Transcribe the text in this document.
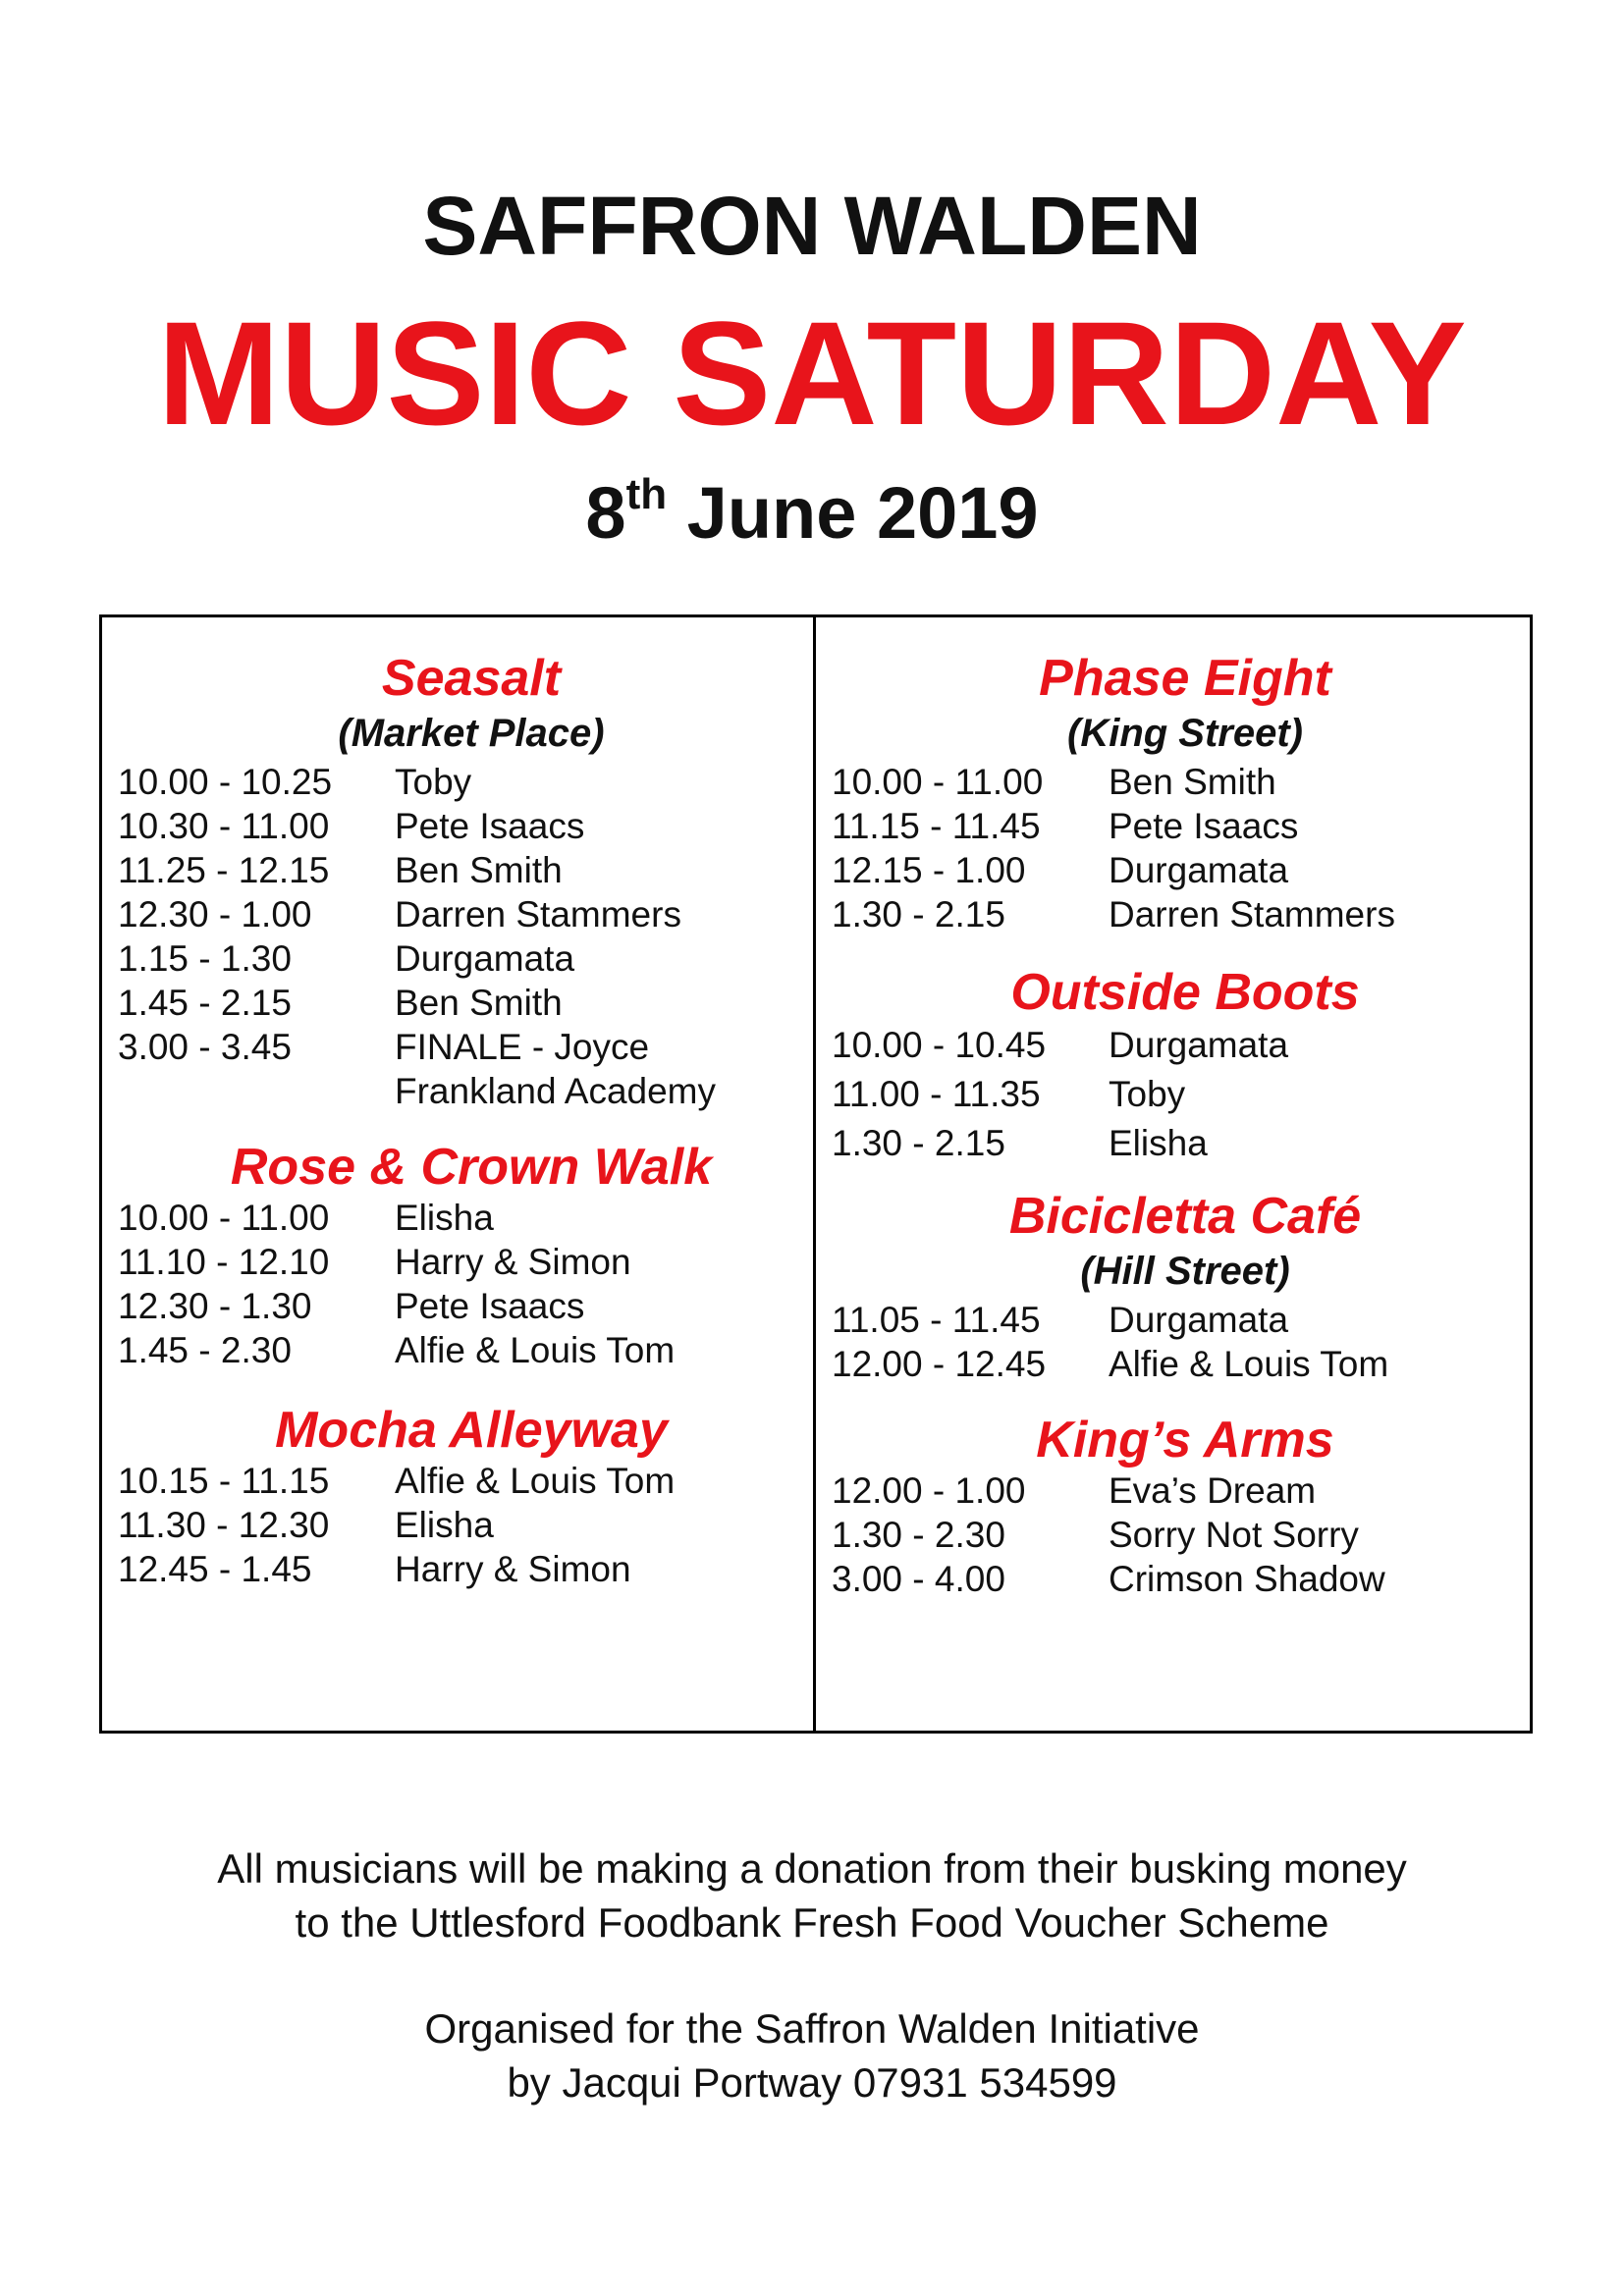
SAFFRON WALDEN
MUSIC SATURDAY
8th June 2019
Seasalt
(Market Place)
10.00 - 10.25	Toby
10.30 - 11.00	Pete Isaacs
11.25 - 12.15	Ben Smith
12.30 - 1.00	Darren Stammers
1.15 - 1.30	Durgamata
1.45 - 2.15	Ben Smith
3.00 - 3.45	FINALE - Joyce
Frankland Academy
Rose & Crown Walk
10.00 - 11.00	Elisha
11.10 - 12.10	Harry & Simon
12.30 - 1.30	Pete Isaacs
1.45 - 2.30	Alfie & Louis Tom
Mocha Alleyway
10.15 - 11.15	Alfie & Louis Tom
11.30 - 12.30	Elisha
12.45 - 1.45	Harry & Simon
Phase Eight
(King Street)
10.00 - 11.00	Ben Smith
11.15 - 11.45	Pete Isaacs
12.15 - 1.00	Durgamata
1.30 - 2.15	Darren Stammers
Outside Boots
10.00 - 10.45	Durgamata
11.00 - 11.35	Toby
1.30 - 2.15	Elisha
Bicicletta Café
(Hill Street)
11.05 - 11.45	Durgamata
12.00 - 12.45	Alfie & Louis Tom
King’s Arms
12.00 - 1.00	Eva’s Dream
1.30 - 2.30	Sorry Not Sorry
3.00 - 4.00	Crimson Shadow
All musicians will be making a donation from their busking money
to the Uttlesford Foodbank Fresh Food Voucher Scheme
Organised for the Saffron Walden Initiative
by Jacqui Portway 07931 534599
